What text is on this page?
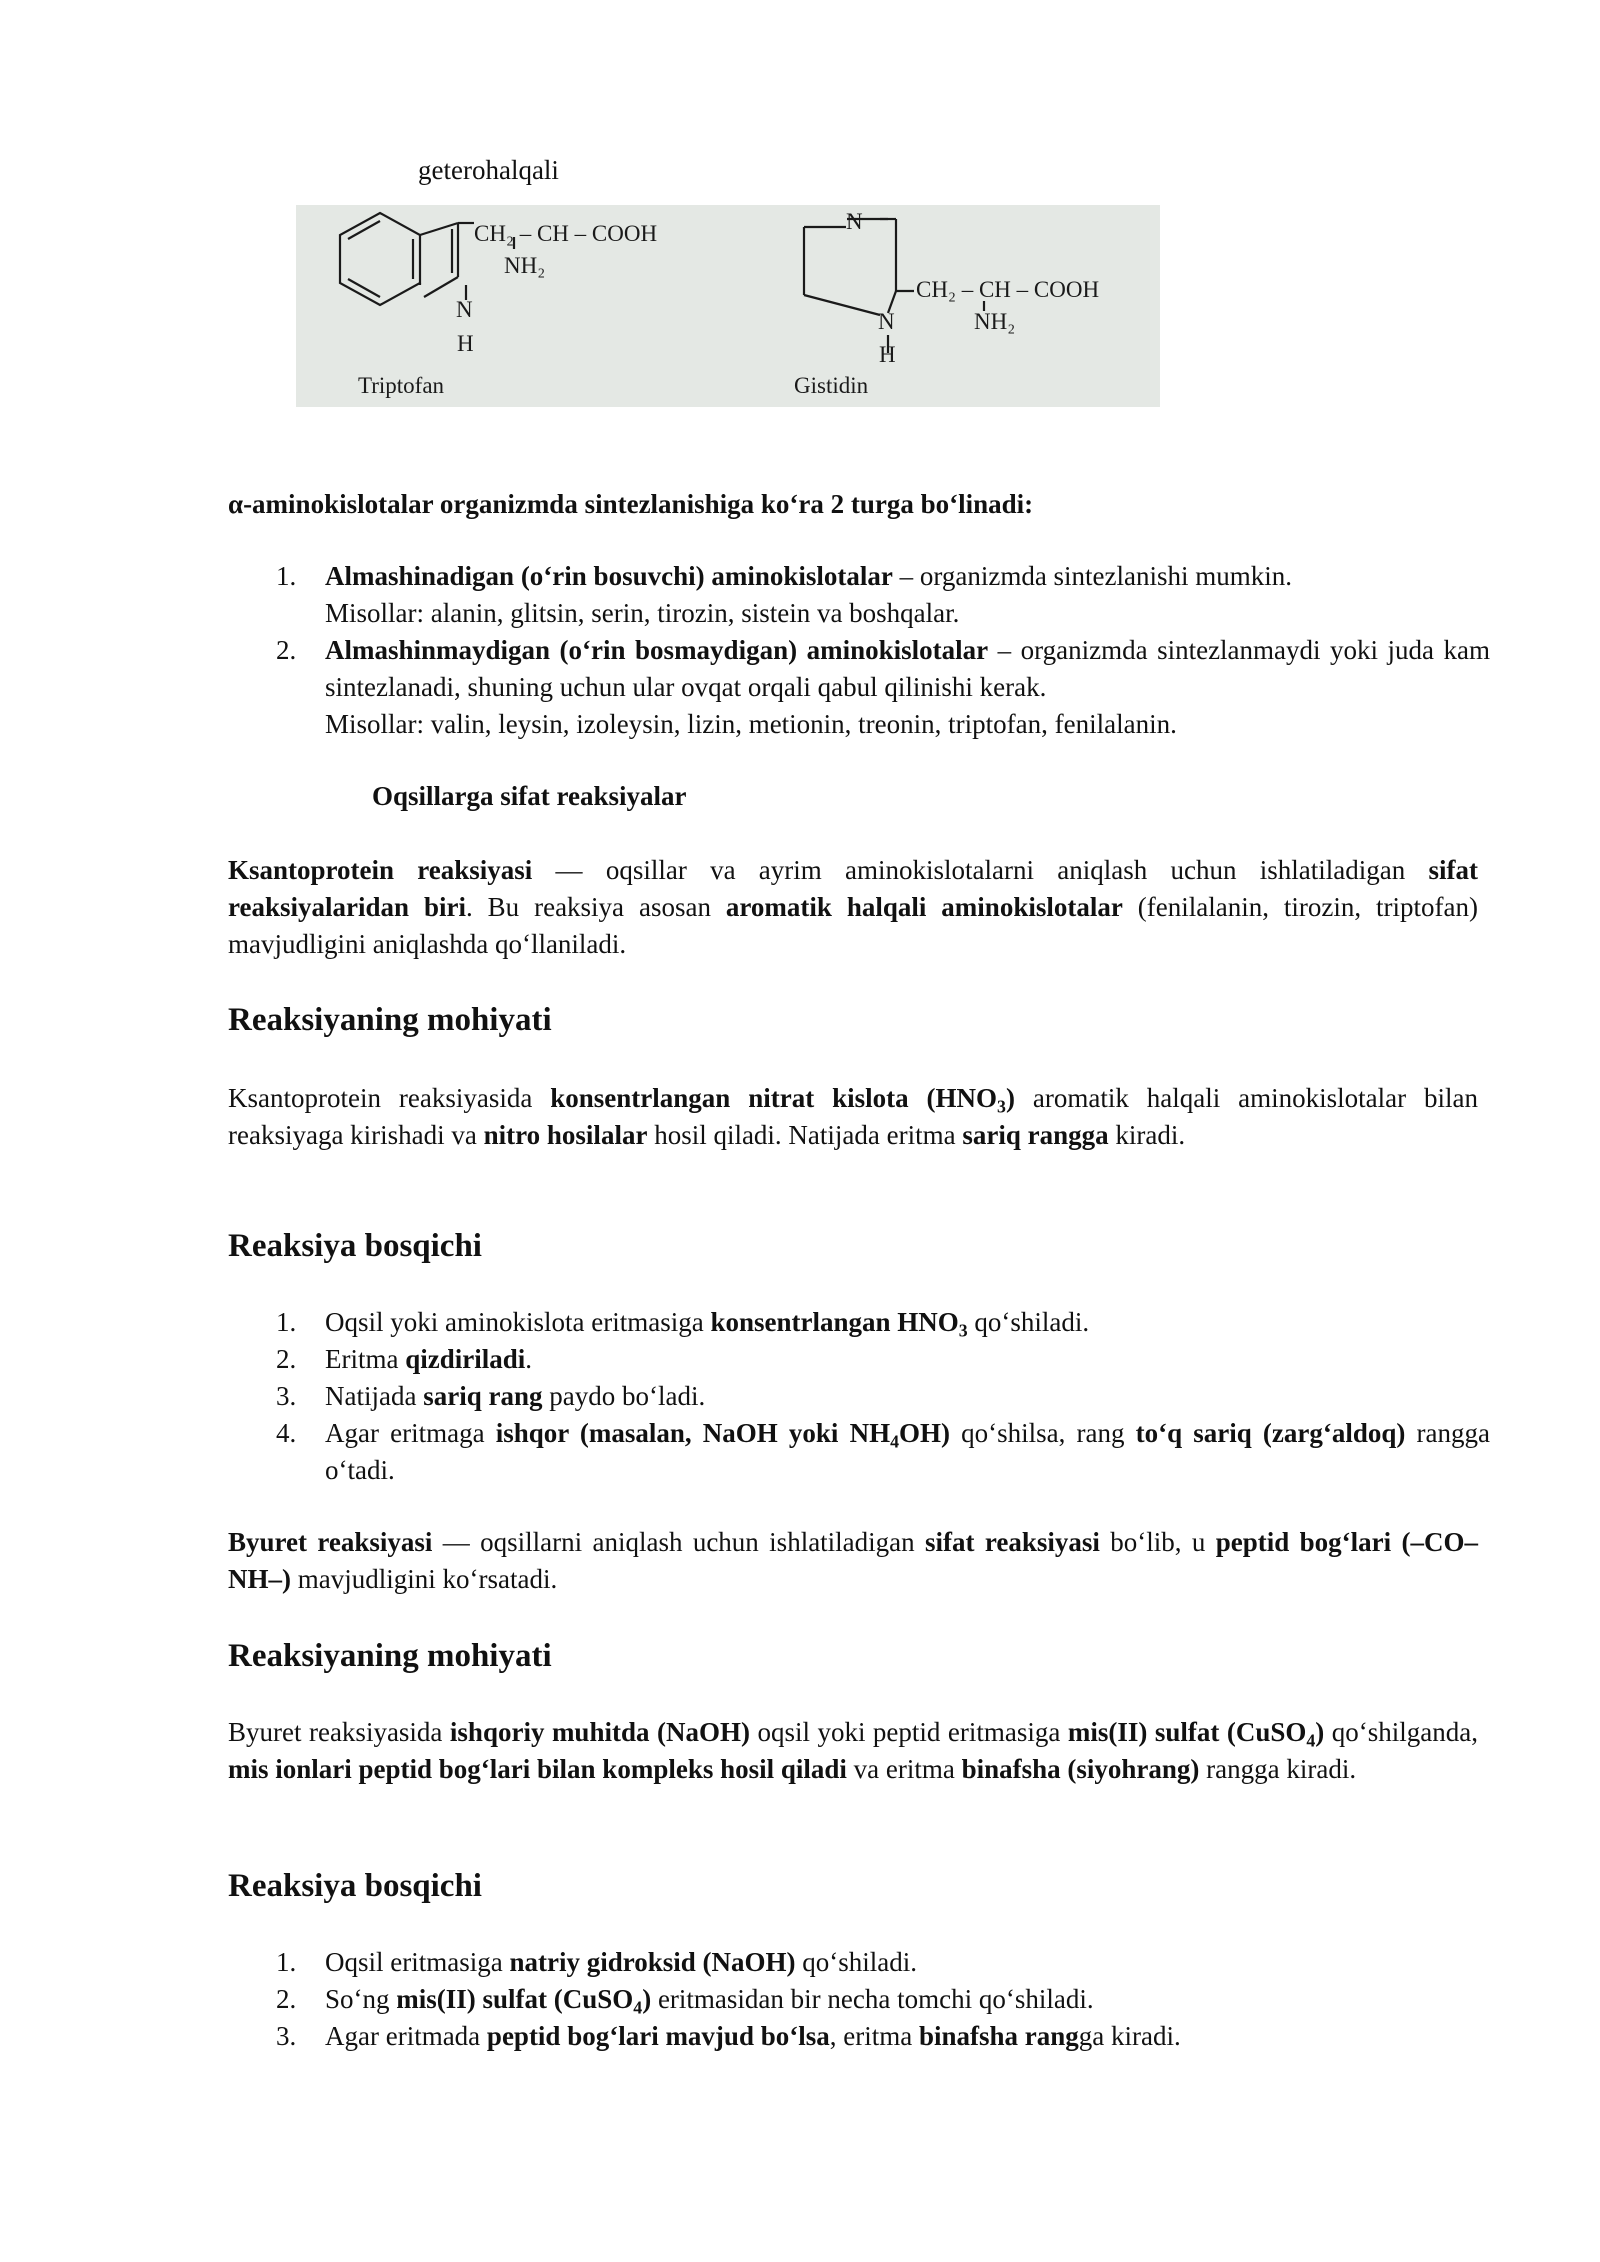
geterohalqali

CH₂ – CH – COOH
NH₂
N
H
Triptofan
N
CH₂ – CH – COOH
NH₂
N
H
Gistidin

α-aminokislotalar organizmda sintezlanishiga koʻra 2 turga boʻlinadi:

1. Almashinadigan (oʻrin bosuvchi) aminokislotalar – organizmda sintezlanishi mumkin.
Misollar: alanin, glitsin, serin, tirozin, sistein va boshqalar.
2. Almashinmaydigan (oʻrin bosmaydigan) aminokislotalar – organizmda sintezlanmaydi yoki juda kam sintezlanadi, shuning uchun ular ovqat orqali qabul qilinishi kerak.
Misollar: valin, leysin, izoleysin, lizin, metionin, treonin, triptofan, fenilalanin.

Oqsillarga sifat reaksiyalar

Ksantoprotein reaksiyasi — oqsillar va ayrim aminokislotalarni aniqlash uchun ishlatiladigan sifat reaksiyalaridan biri. Bu reaksiya asosan aromatik halqali aminokislotalar (fenilalanin, tirozin, triptofan) mavjudligini aniqlashda qoʻllaniladi.

Reaksiyaning mohiyati

Ksantoprotein reaksiyasida konsentrlangan nitrat kislota $(HNO_3)$ aromatik halqali aminokislotalar bilan reaksiyaga kirishadi va nitro hosilalar hosil qiladi. Natijada eritma sariq rangga kiradi.

Reaksiya bosqichi
1. Oqsil yoki aminokislota eritmasiga konsentrlangan $HNO_3$ qoʻshiladi.
2. Eritma qizdiriladi.
3. Natijada sariq rang paydo boʻladi.
4. Agar eritmaga ishqor (masalan, NaOH yoki $NH_4OH$) qoʻshilsa, rang toʻq sariq (zargʻaldoq) rangga oʻtadi.

Byuret reaksiyasi — oqsillarni aniqlash uchun ishlatiladigan sifat reaksiyasi boʻlib, u peptid bogʻlari (–CO–NH–) mavjudligini koʻrsatadi.

Reaksiyaning mohiyati

Byuret reaksiyasida ishqoriy muhitda (NaOH) oqsil yoki peptid eritmasiga mis(II) sulfat (CuSO$_4$) qoʻshilganda, mis ionlari peptid bogʻlari bilan kompleks hosil qiladi va eritma binafsha (siyohrang) rangga kiradi.

Reaksiya bosqichi
1. Oqsil eritmasiga natriy gidroksid (NaOH) qoʻshiladi.
2. Soʻng mis(II) sulfat (CuSO$_4$) eritmasidan bir necha tomchi qoʻshiladi.
3. Agar eritmada peptid bogʻlari mavjud boʻlsa, eritma binafsha rangga kiradi.
